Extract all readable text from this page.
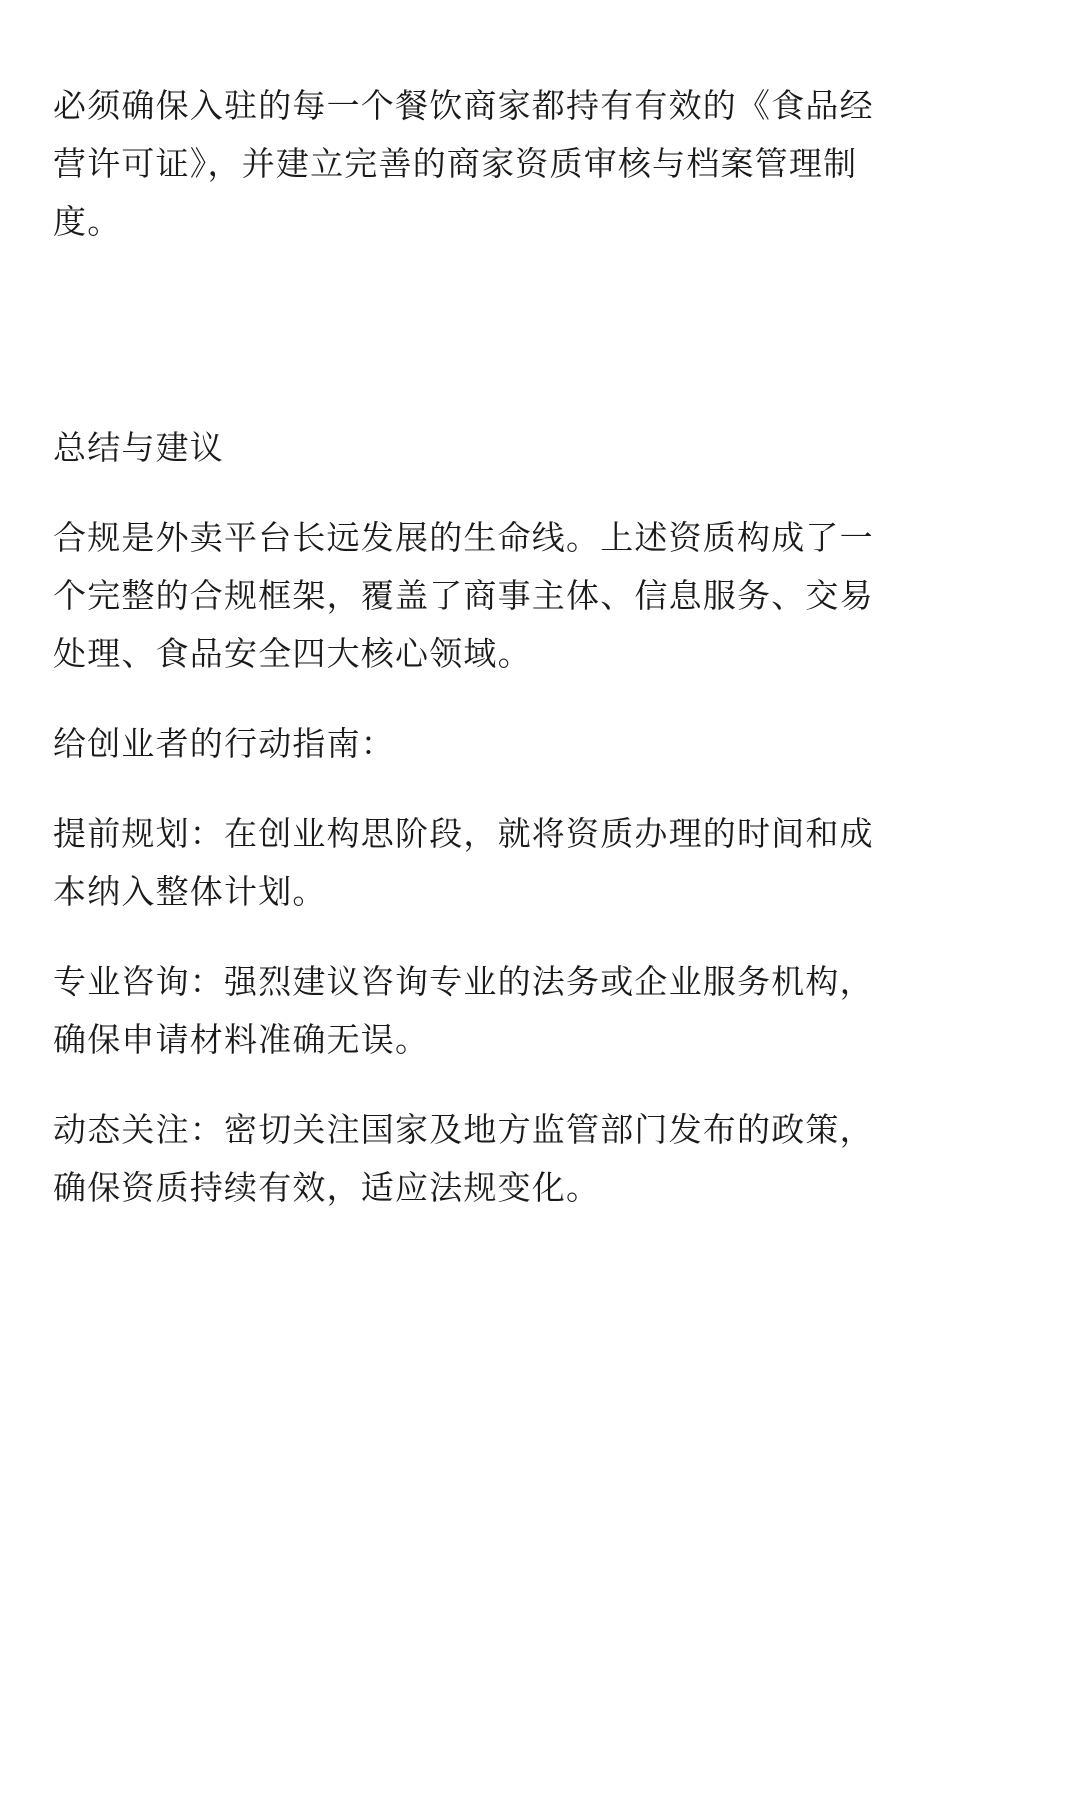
必须确保入驻的每一个餐饮商家都持有有效的《食品经营许可证》，并建立完善的商家资质审核与档案管理制度。

总结与建议

合规是外卖平台长远发展的生命线。上述资质构成了一个完整的合规框架，覆盖了商事主体、信息服务、交易处理、食品安全四大核心领域。

给创业者的行动指南：

提前规划：在创业构思阶段，就将资质办理的时间和成本纳入整体计划。

专业咨询：强烈建议咨询专业的法务或企业服务机构，确保申请材料准确无误。

动态关注：密切关注国家及地方监管部门发布的政策，确保资质持续有效，适应法规变化。
